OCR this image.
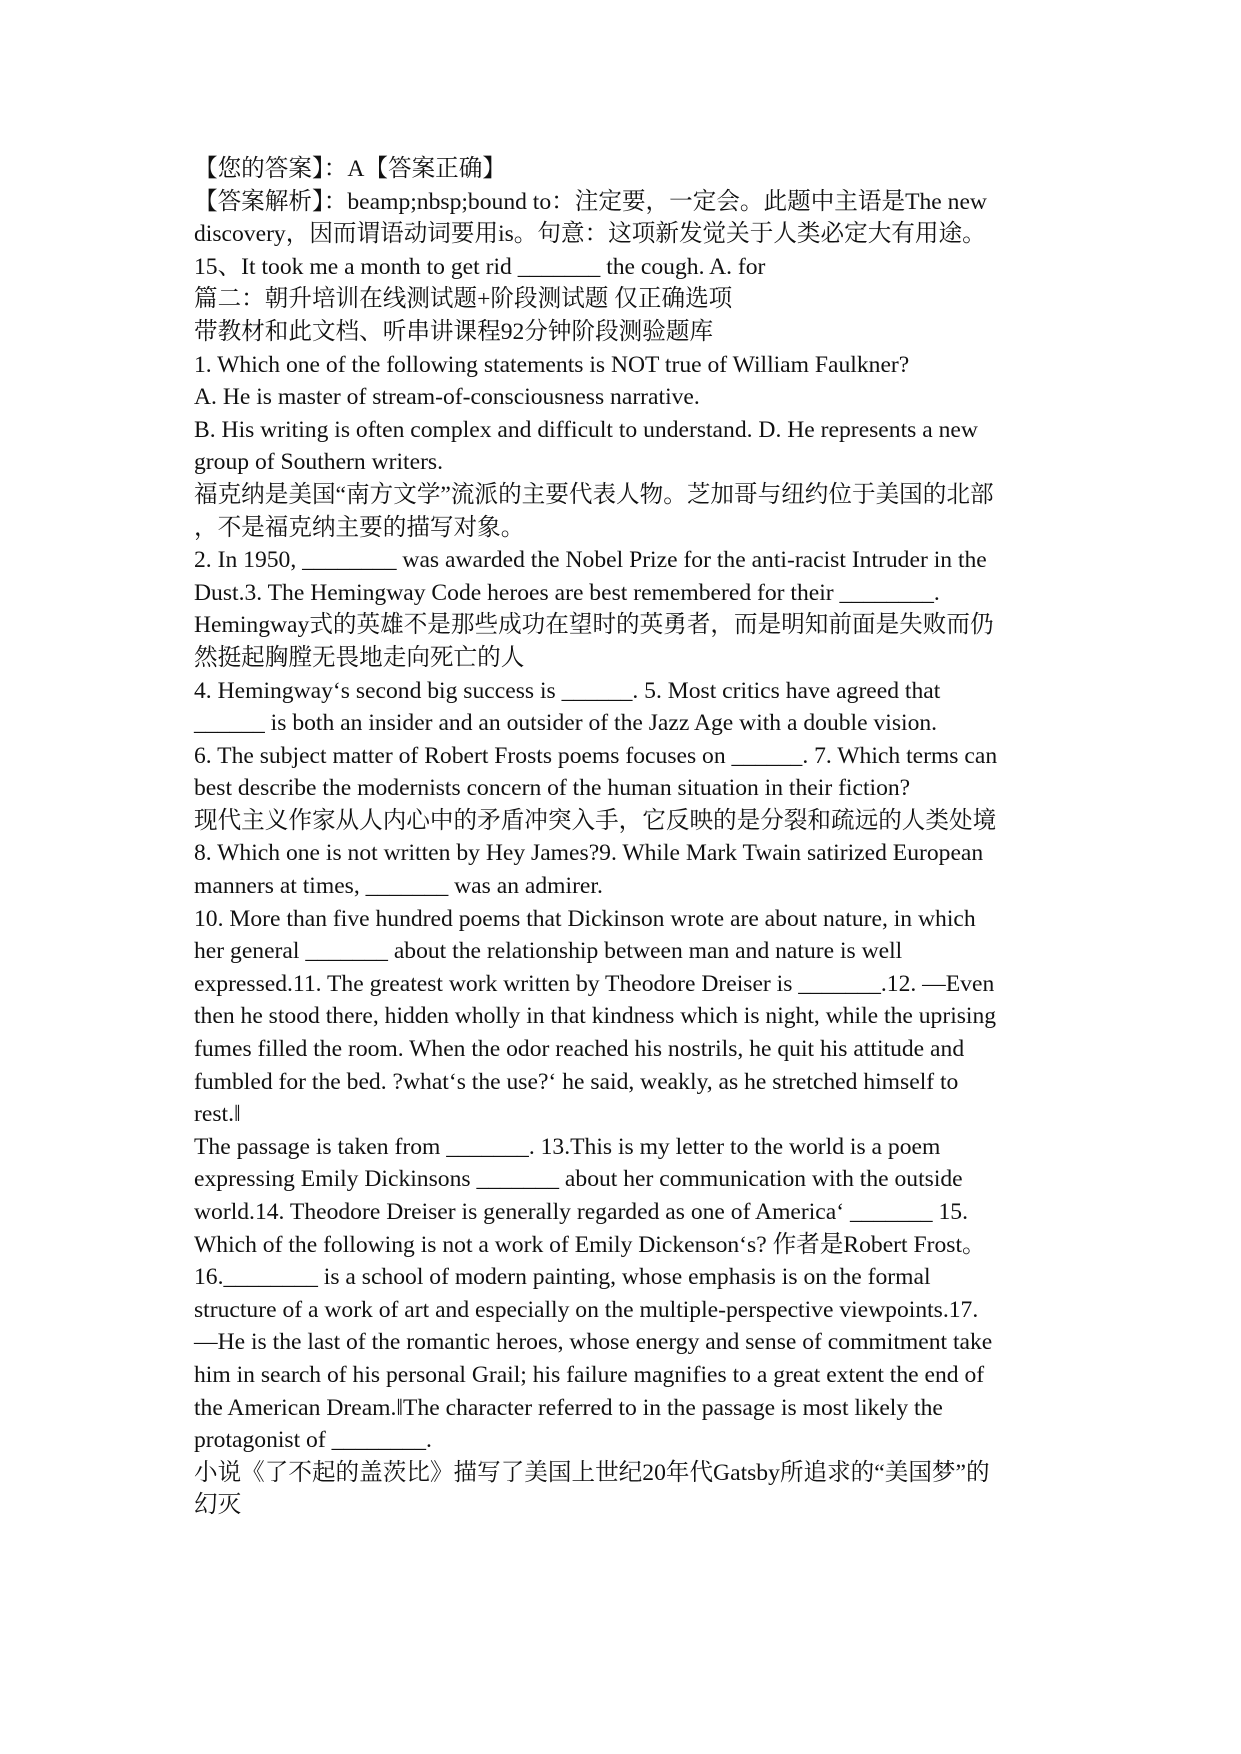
【您的答案】：A【答案正确】
【答案解析】：beamp;nbsp;bound to：注定要，一定会。此题中主语是The new
discovery，因而谓语动词要用is。句意：这项新发觉关于人类必定大有用途。
15、It took me a month to get rid _______ the cough. A. for
篇二：朝升培训在线测试题+阶段测试题 仅正确选项
带教材和此文档、听串讲课程92分钟阶段测验题库
1. Which one of the following statements is NOT true of William Faulkner?
A. He is master of stream-of-consciousness narrative.
B. His writing is often complex and difficult to understand. D. He represents a new
group of Southern writers.
福克纳是美国“南方文学”流派的主要代表人物。芝加哥与纽约位于美国的北部
，不是福克纳主要的描写对象。
2. In 1950, ________ was awarded the Nobel Prize for the anti-racist Intruder in the
Dust.3. The Hemingway Code heroes are best remembered for their ________.
Hemingway式的英雄不是那些成功在望时的英勇者，而是明知前面是失败而仍
然挺起胸膛无畏地走向死亡的人
4. Hemingway‘s second big success is ______. 5. Most critics have agreed that
______ is both an insider and an outsider of the Jazz Age with a double vision.
6. The subject matter of Robert Frosts poems focuses on ______. 7. Which terms can
best describe the modernists concern of the human situation in their fiction?
现代主义作家从人内心中的矛盾冲突入手，它反映的是分裂和疏远的人类处境
8. Which one is not written by Hey James?9. While Mark Twain satirized European
manners at times, _______ was an admirer.
10. More than five hundred poems that Dickinson wrote are about nature, in which
her general _______ about the relationship between man and nature is well
expressed.11. The greatest work written by Theodore Dreiser is _______.12. —Even
then he stood there, hidden wholly in that kindness which is night, while the uprising
fumes filled the room. When the odor reached his nostrils, he quit his attitude and
fumbled for the bed. ?what‘s the use?‘ he said, weakly, as he stretched himself to
rest.‖
The passage is taken from _______. 13.This is my letter to the world is a poem
expressing Emily Dickinsons _______ about her communication with the outside
world.14. Theodore Dreiser is generally regarded as one of America‘ _______ 15.
Which of the following is not a work of Emily Dickenson‘s? 作者是Robert Frost。
16.________ is a school of modern painting, whose emphasis is on the formal
structure of a work of art and especially on the multiple-perspective viewpoints.17.
—He is the last of the romantic heroes, whose energy and sense of commitment take
him in search of his personal Grail; his failure magnifies to a great extent the end of
the American Dream.‖The character referred to in the passage is most likely the
protagonist of ________.
小说《了不起的盖茨比》描写了美国上世纪20年代Gatsby所追求的“美国梦”的
幻灭
